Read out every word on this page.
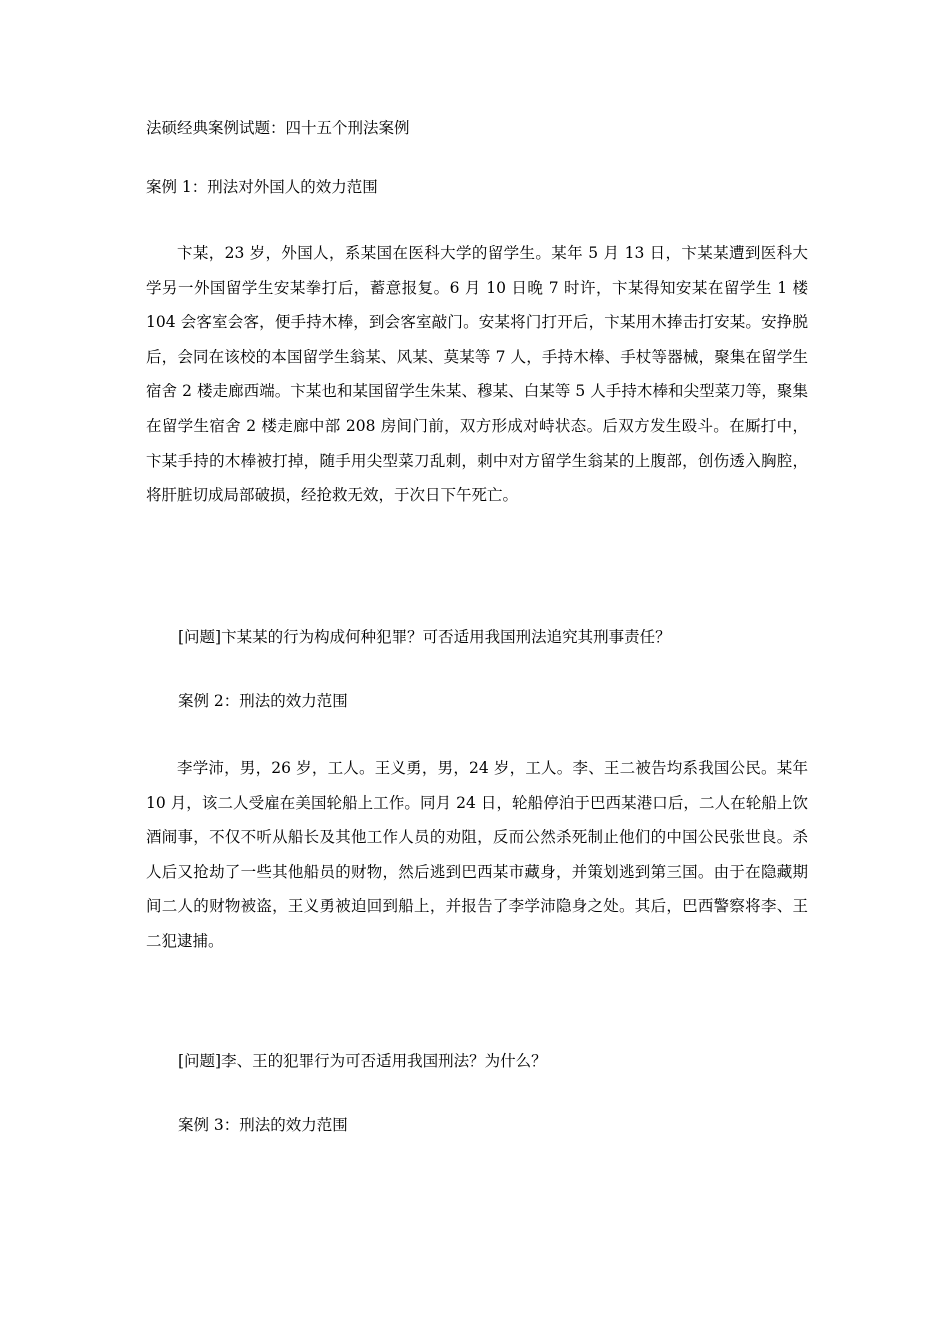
法硕经典案例试题：四十五个刑法案例
案例 1：刑法对外国人的效力范围

卞某，23 岁，外国人，系某国在医科大学的留学生。某年 5 月 13 日，卞某某遭到医科大学另一外国留学生安某拳打后，蓄意报复。6 月 10 日晚 7 时许，卞某得知安某在留学生 1 楼 104 会客室会客，便手持木棒，到会客室敲门。安某将门打开后，卞某用木捧击打安某。安挣脱后，会同在该校的本国留学生翁某、风某、莫某等 7 人，手持木棒、手杖等器械，聚集在留学生宿舍 2 楼走廊西端。卞某也和某国留学生朱某、穆某、白某等 5 人手持木棒和尖型菜刀等，聚集在留学生宿舍 2 楼走廊中部 208 房间门前，双方形成对峙状态。后双方发生殴斗。在厮打中，卞某手持的木棒被打掉，随手用尖型菜刀乱刺，刺中对方留学生翁某的上腹部，创伤透入胸腔，将肝脏切成局部破损，经抢救无效，于次日下午死亡。

[问题]卞某某的行为构成何种犯罪？可否适用我国刑法追究其刑事责任？

案例 2：刑法的效力范围

李学沛，男，26 岁，工人。王义勇，男，24 岁，工人。李、王二被告均系我国公民。某年 10 月，该二人受雇在美国轮船上工作。同月 24 日，轮船停泊于巴西某港口后，二人在轮船上饮酒闹事，不仅不听从船长及其他工作人员的劝阻，反而公然杀死制止他们的中国公民张世良。杀人后又抢劫了一些其他船员的财物，然后逃到巴西某市藏身，并策划逃到第三国。由于在隐藏期间二人的财物被盗，王义勇被迫回到船上，并报告了李学沛隐身之处。其后，巴西警察将李、王二犯逮捕。

[问题]李、王的犯罪行为可否适用我国刑法？为什么？

案例 3：刑法的效力范围
